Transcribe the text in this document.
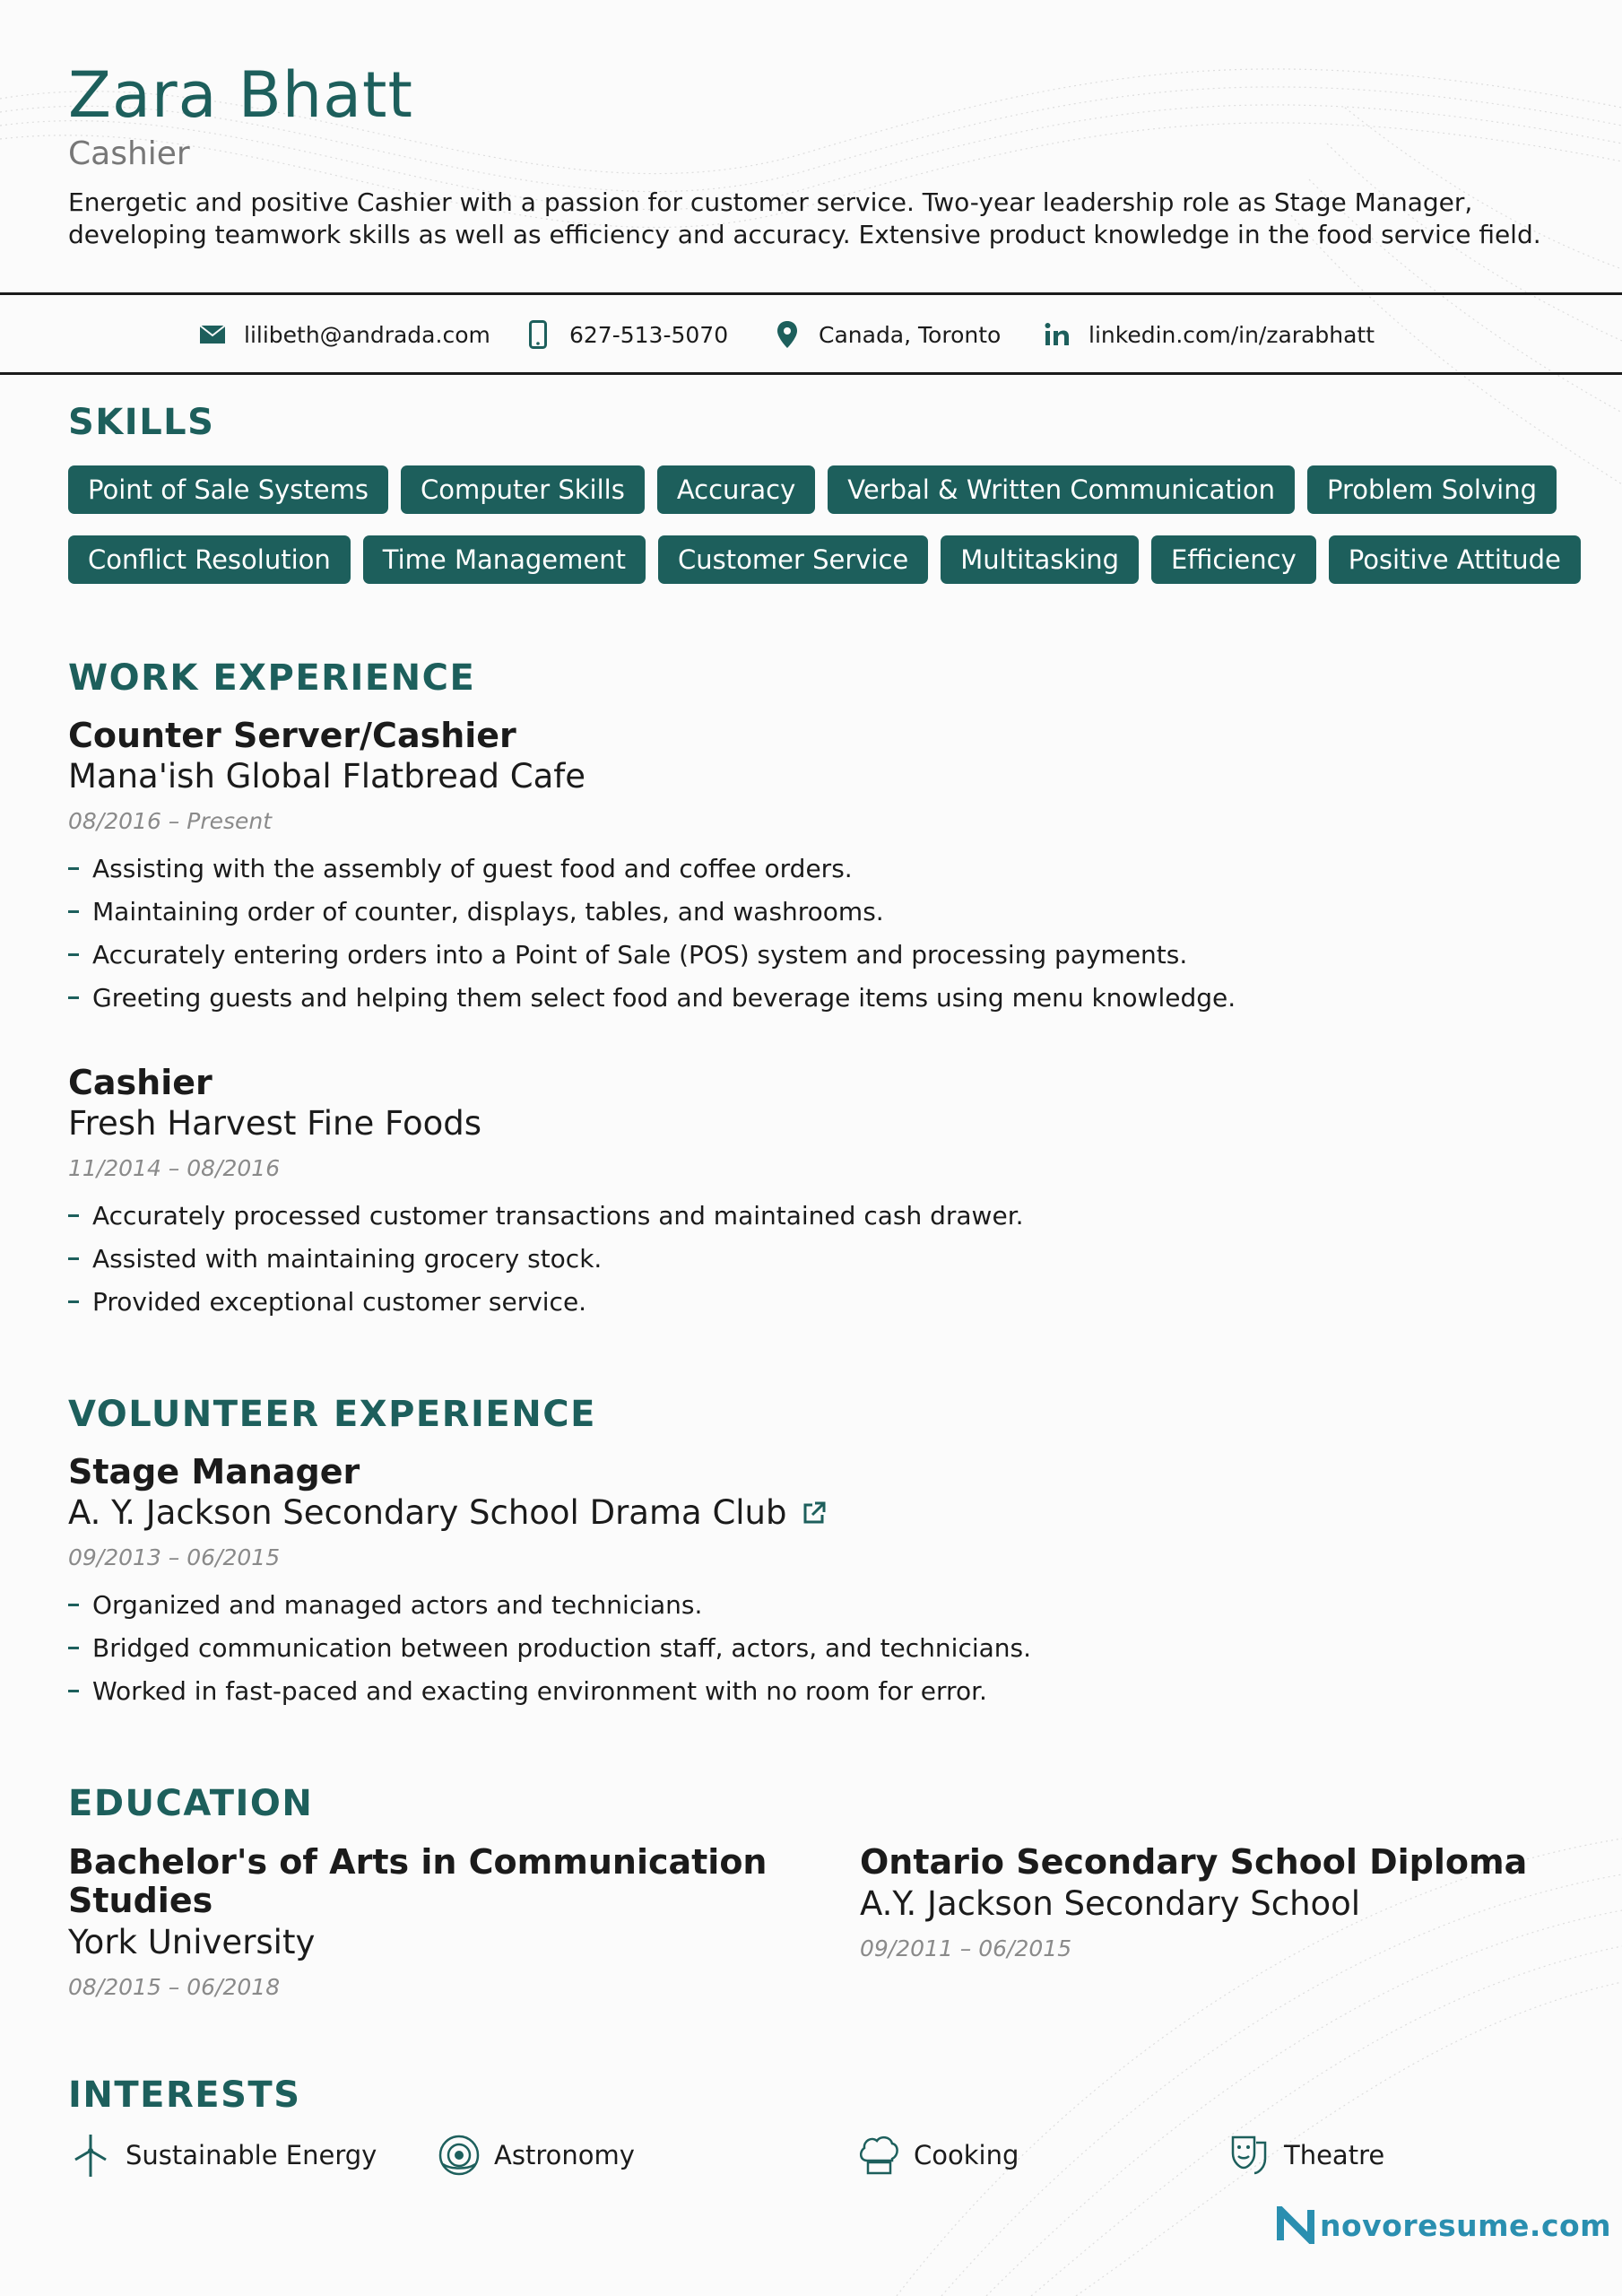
Zara Bhatt
Cashier
Energetic and positive Cashier with a passion for customer service. Two-year leadership role as Stage Manager,
developing teamwork skills as well as efficiency and accuracy. Extensive product knowledge in the food service field.
lilibeth@andrada.com	627-513-5070	Canada, Toronto	linkedin.com/in/zarabhatt
SKILLS
Point of Sale Systems	Computer Skills	Accuracy	Verbal & Written Communication	Problem Solving
Conflict Resolution	Time Management	Customer Service	Multitasking	Efficiency	Positive Attitude
WORK EXPERIENCE
Counter Server/Cashier
Mana'ish Global Flatbread Cafe
08/2016 – Present
Assisting with the assembly of guest food and coffee orders.
Maintaining order of counter, displays, tables, and washrooms.
Accurately entering orders into a Point of Sale (POS) system and processing payments.
Greeting guests and helping them select food and beverage items using menu knowledge.
Cashier
Fresh Harvest Fine Foods
11/2014 – 08/2016
Accurately processed customer transactions and maintained cash drawer.
Assisted with maintaining grocery stock.
Provided exceptional customer service.
VOLUNTEER EXPERIENCE
Stage Manager
A. Y. Jackson Secondary School Drama Club
09/2013 – 06/2015
Organized and managed actors and technicians.
Bridged communication between production staff, actors, and technicians.
Worked in fast-paced and exacting environment with no room for error.
EDUCATION
Bachelor's of Arts in Communication
Studies
York University
08/2015 – 06/2018
Ontario Secondary School Diploma
A.Y. Jackson Secondary School
09/2011 – 06/2015
INTERESTS
Sustainable Energy	Astronomy	Cooking	Theatre
novoresume.com
